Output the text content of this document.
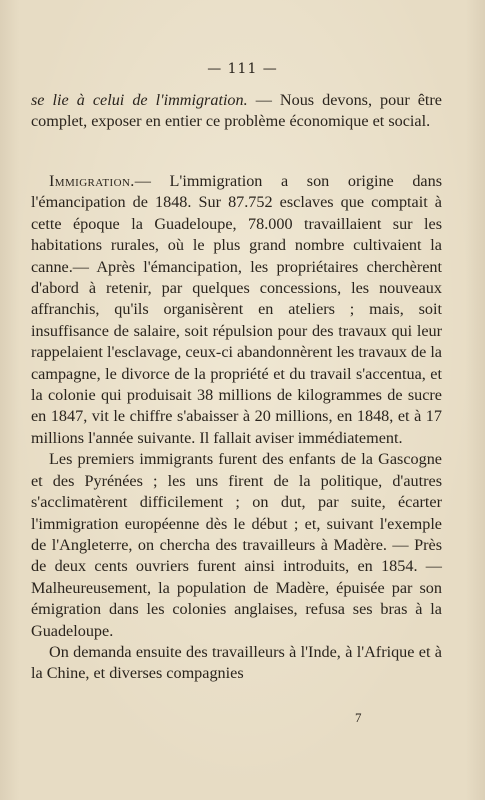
— 111 —

se lie à celui de l'immigration. — Nous devons, pour être complet, exposer en entier ce problème économique et social.

Immigration.— L'immigration a son origine dans l'émancipation de 1848. Sur 87.752 esclaves que comptait à cette époque la Guadeloupe, 78.000 travaillaient sur les habitations rurales, où le plus grand nombre cultivaient la canne.— Après l'émancipation, les propriétaires cherchèrent d'abord à retenir, par quelques concessions, les nouveaux affranchis, qu'ils organisèrent en ateliers ; mais, soit insuffisance de salaire, soit répulsion pour des travaux qui leur rappelaient l'esclavage, ceux-ci abandonnèrent les travaux de la campagne, le divorce de la propriété et du travail s'accentua, et la colonie qui produisait 38 millions de kilogrammes de sucre en 1847, vit le chiffre s'abaisser à 20 millions, en 1848, et à 17 millions l'année suivante. Il fallait aviser immédiatement.

Les premiers immigrants furent des enfants de la Gascogne et des Pyrénées ; les uns firent de la politique, d'autres s'acclimatèrent difficilement ; on dut, par suite, écarter l'immigration européenne dès le début ; et, suivant l'exemple de l'Angleterre, on chercha des travailleurs à Madère. — Près de deux cents ouvriers furent ainsi introduits, en 1854. — Malheureusement, la population de Madère, épuisée par son émigration dans les colonies anglaises, refusa ses bras à la Guadeloupe.

On demanda ensuite des travailleurs à l'Inde, à l'Afrique et à la Chine, et diverses compagnies

7
